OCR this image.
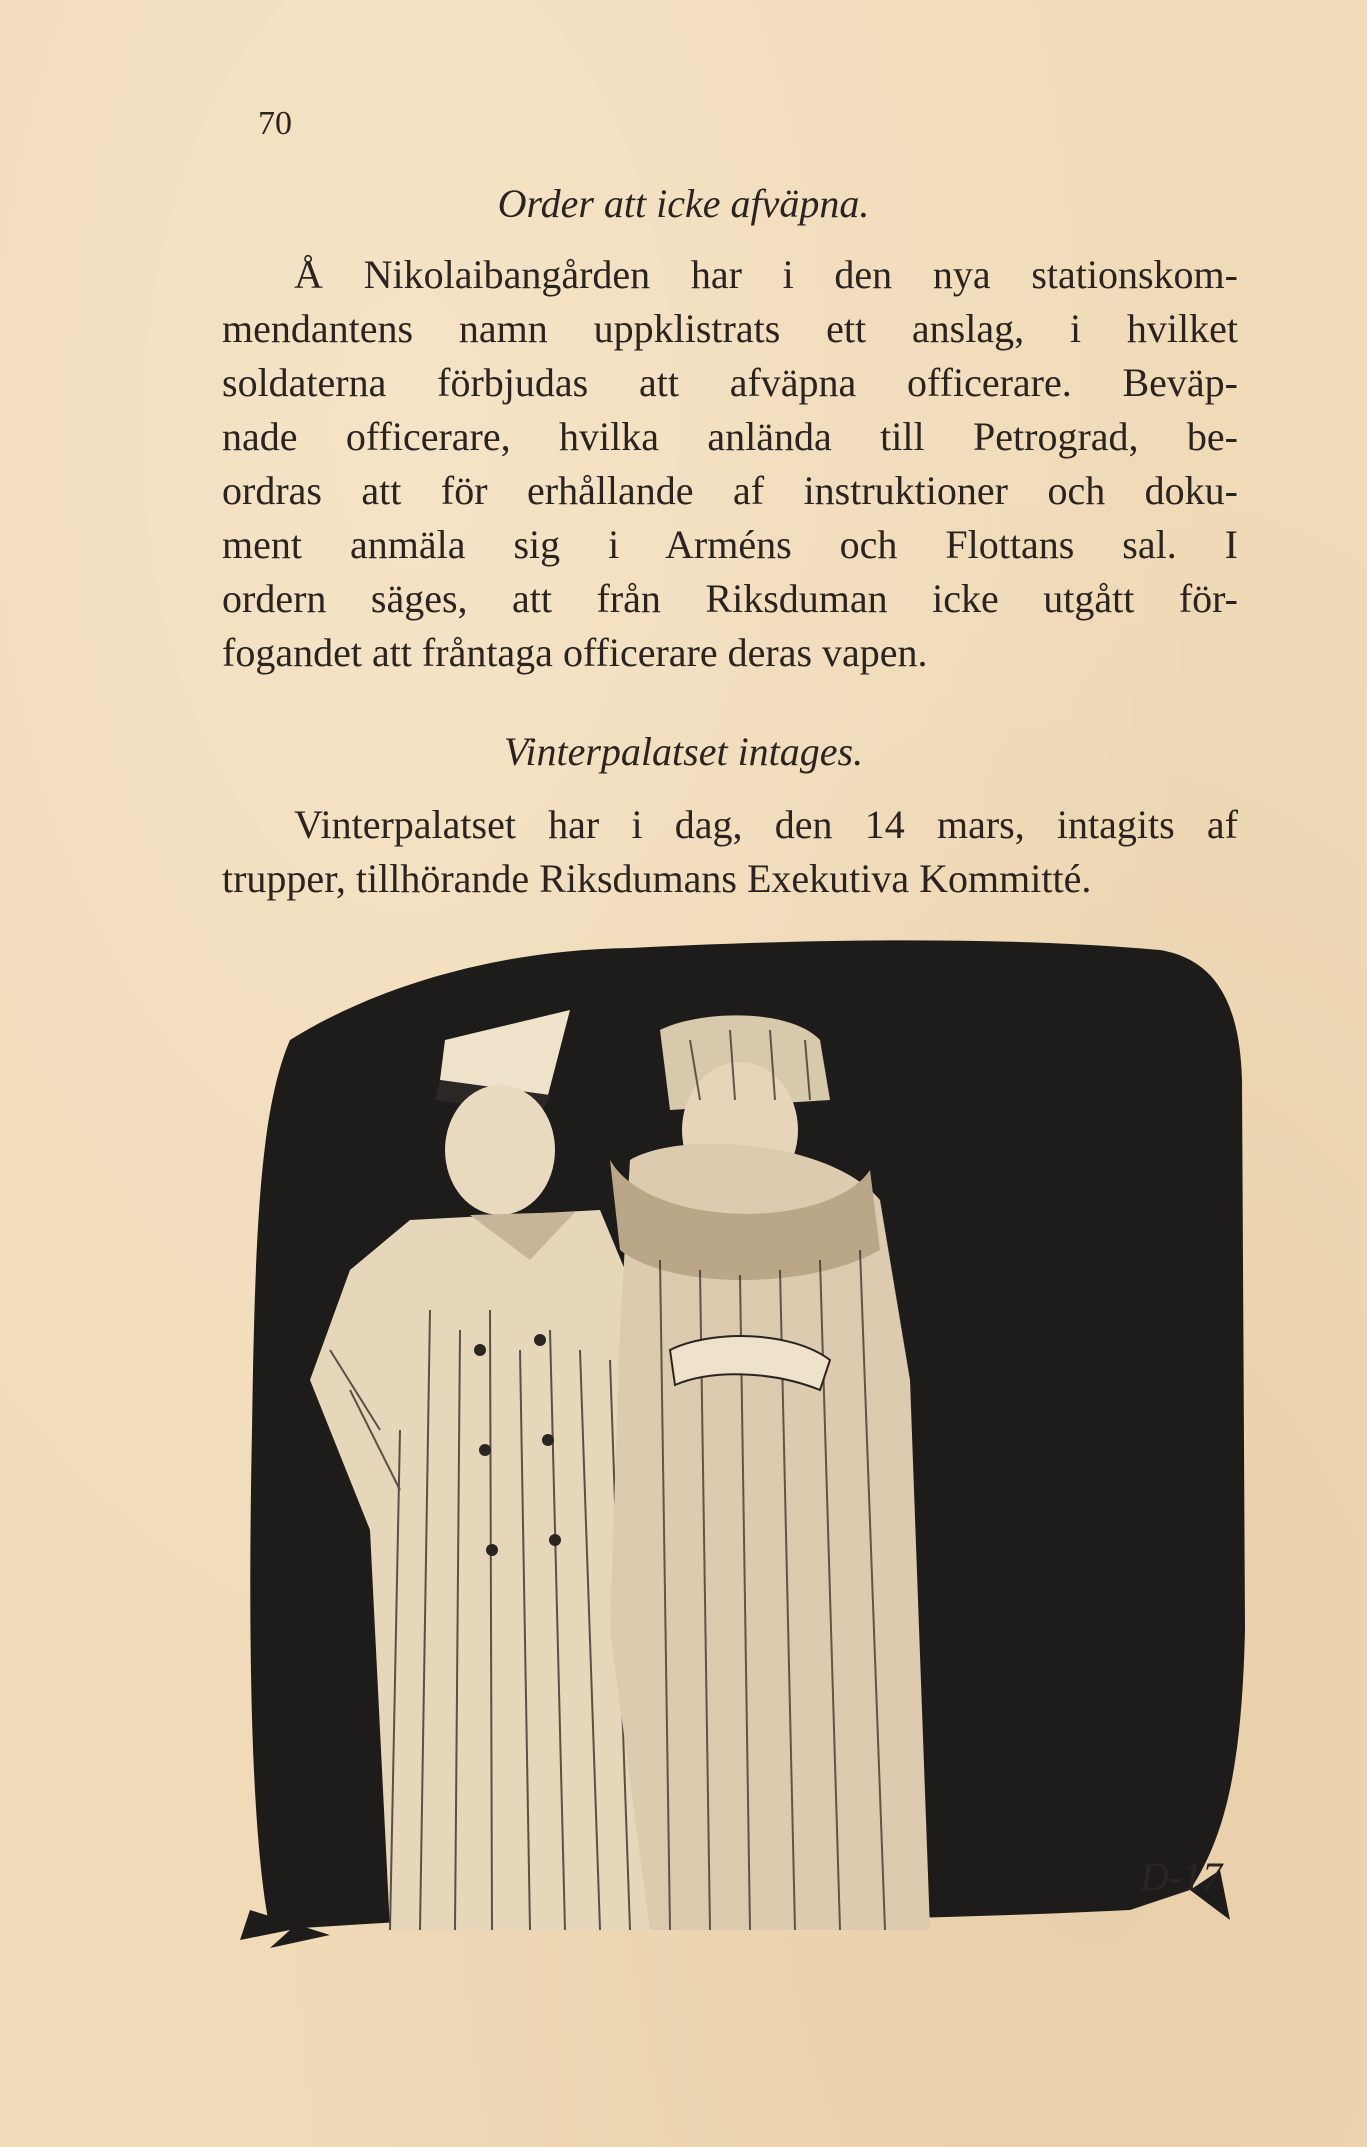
70
Order att icke afväpna.

Å Nikolaibangården har i den nya stationskom-
mendantens namn uppklistrats ett anslag, i hvilket
soldaterna förbjudas att afväpna officerare. Beväp-
nade officerare, hvilka anlända till Petrograd, be-
ordras att för erhållande af instruktioner och doku-
ment anmäla sig i Arméns och Flottans sal. I
ordern säges, att från Riksduman icke utgått för-
fogandet att fråntaga officerare deras vapen.

Vinterpalatset intages.

Vinterpalatset har i dag, den 14 mars, intagits af
trupper, tillhörande Riksdumans Exekutiva Kommitté.

D-17
